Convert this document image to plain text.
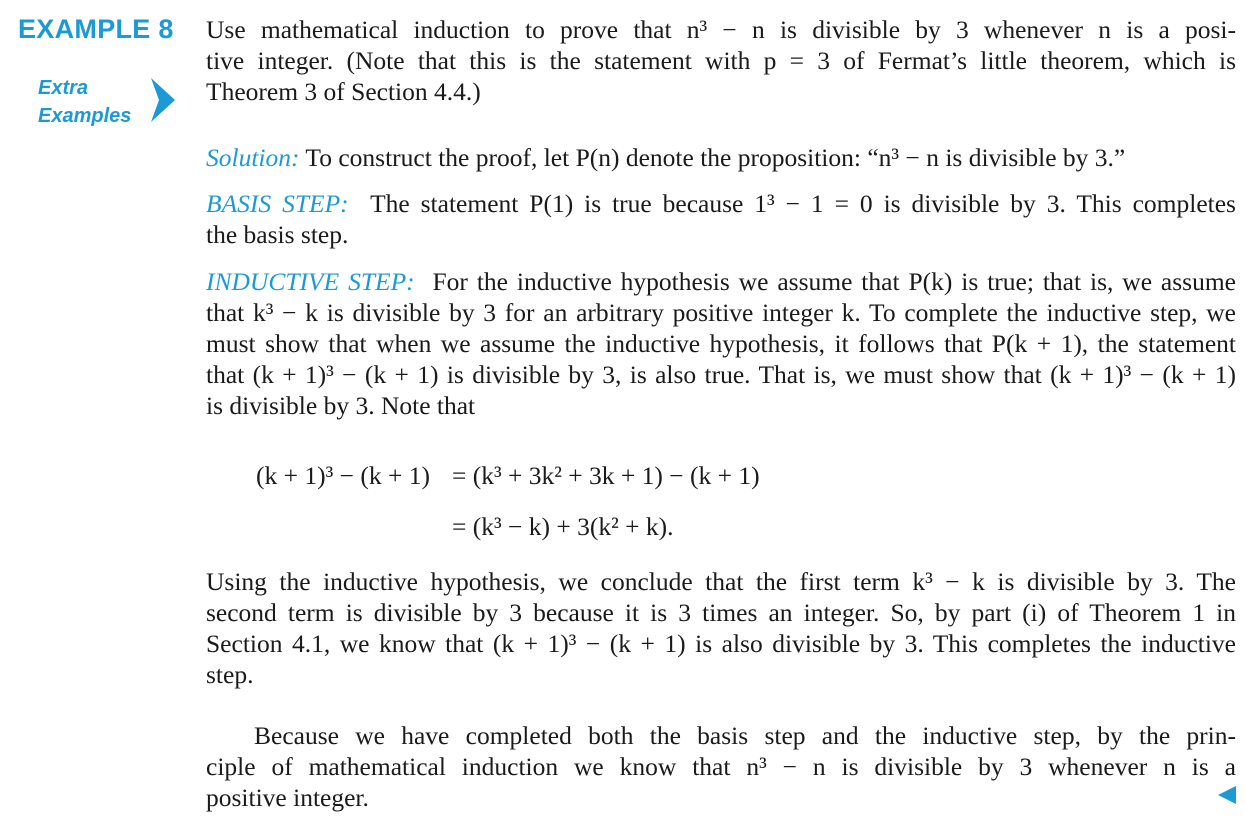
EXAMPLE 8
Extra
Examples
Use mathematical induction to prove that n³ − n is divisible by 3 whenever n is a posi-
tive integer. (Note that this is the statement with p = 3 of Fermat’s little theorem, which is
Theorem 3 of Section 4.4.)
Solution: To construct the proof, let P(n) denote the proposition: “n³ − n is divisible by 3.”
BASIS STEP: The statement P(1) is true because 1³ − 1 = 0 is divisible by 3. This completes
the basis step.
INDUCTIVE STEP: For the inductive hypothesis we assume that P(k) is true; that is, we assume
that k³ − k is divisible by 3 for an arbitrary positive integer k. To complete the inductive step, we
must show that when we assume the inductive hypothesis, it follows that P(k + 1), the statement
that (k + 1)³ − (k + 1) is divisible by 3, is also true. That is, we must show that (k + 1)³ − (k + 1)
is divisible by 3. Note that
(k + 1)³ − (k + 1) = (k³ + 3k² + 3k + 1) − (k + 1)
= (k³ − k) + 3(k² + k).
Using the inductive hypothesis, we conclude that the first term k³ − k is divisible by 3. The
second term is divisible by 3 because it is 3 times an integer. So, by part (i) of Theorem 1 in
Section 4.1, we know that (k + 1)³ − (k + 1) is also divisible by 3. This completes the inductive
step.
Because we have completed both the basis step and the inductive step, by the prin-
ciple of mathematical induction we know that n³ − n is divisible by 3 whenever n is a
positive integer.
